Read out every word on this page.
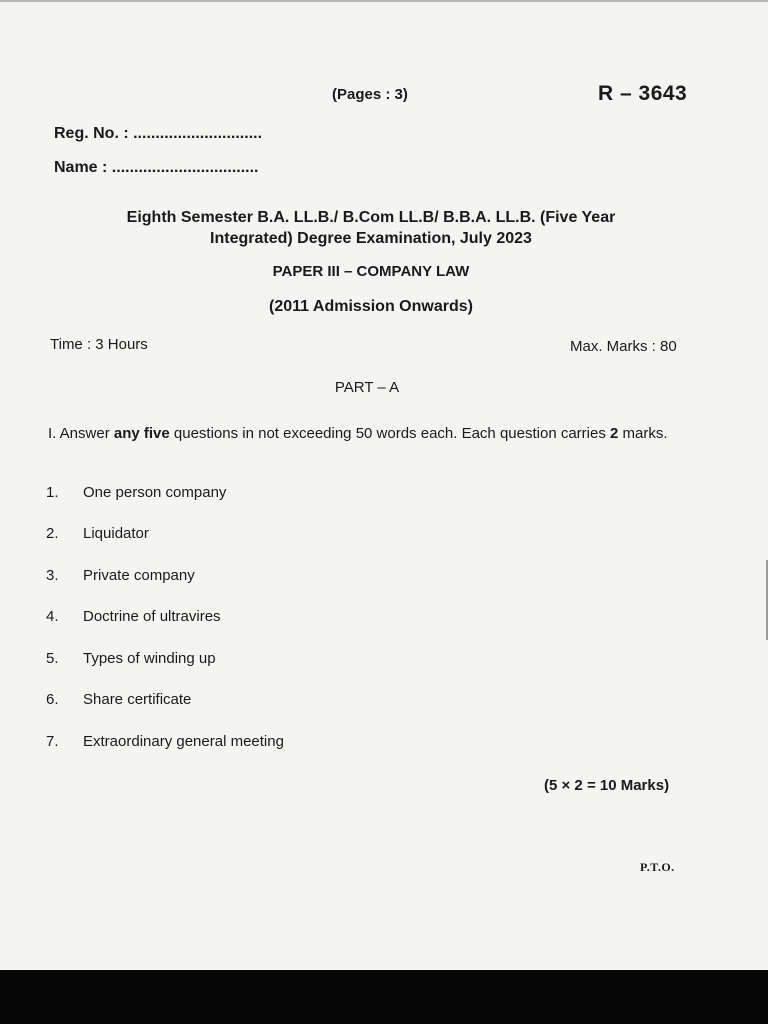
(Pages : 3)	R – 3643
Reg. No. : .............................
Name : .................................
Eighth Semester B.A. LL.B./ B.Com LL.B/ B.B.A. LL.B. (Five Year
Integrated) Degree Examination, July 2023
PAPER III – COMPANY LAW
(2011 Admission Onwards)
Time : 3 Hours	Max. Marks : 80
PART – A
I. Answer any five questions in not exceeding 50 words each. Each question carries 2 marks.
1. One person company
2. Liquidator
3. Private company
4. Doctrine of ultravires
5. Types of winding up
6. Share certificate
7. Extraordinary general meeting
(5 × 2 = 10 Marks)
P.T.O.
